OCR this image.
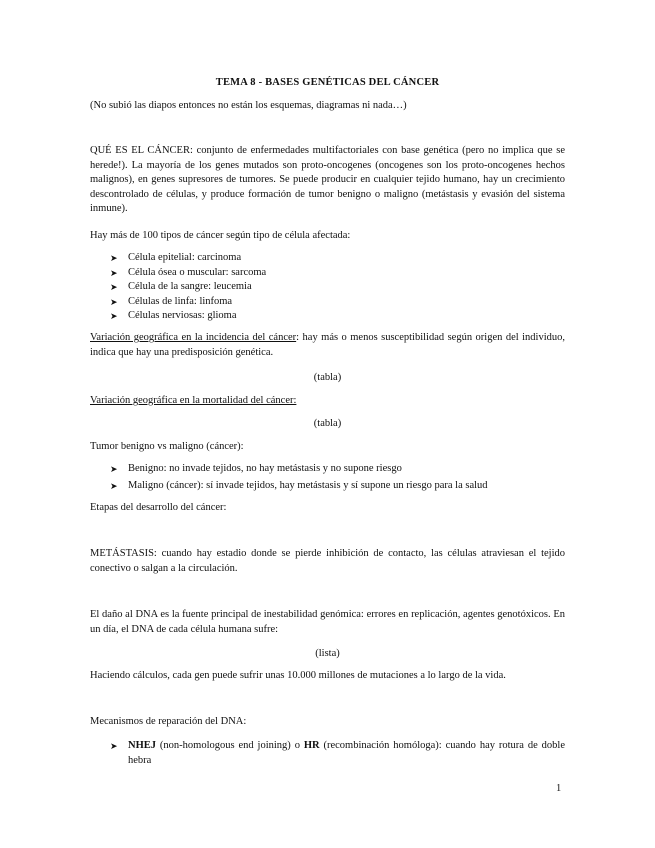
TEMA 8 - BASES GENÉTICAS DEL CÁNCER

(No subió las diapos entonces no están los esquemas, diagramas ni nada…)

QUÉ ES EL CÁNCER: conjunto de enfermedades multifactoriales con base genética (pero no implica que se herede!). La mayoría de los genes mutados son proto-oncogenes (oncogenes son los proto-oncogenes hechos malignos), en genes supresores de tumores. Se puede producir en cualquier tejido humano, hay un crecimiento descontrolado de células, y produce formación de tumor benigno o maligno (metástasis y evasión del sistema inmune).

Hay más de 100 tipos de cáncer según tipo de célula afectada:

➤ Célula epitelial: carcinoma
➤ Célula ósea o muscular: sarcoma
➤ Célula de la sangre: leucemia
➤ Células de linfa: linfoma
➤ Células nerviosas: glioma

Variación geográfica en la incidencia del cáncer: hay más o menos susceptibilidad según origen del individuo, indica que hay una predisposición genética.

(tabla)

Variación geográfica en la mortalidad del cáncer:

(tabla)

Tumor benigno vs maligno (cáncer):

➤ Benigno: no invade tejidos, no hay metástasis y no supone riesgo
➤ Maligno (cáncer): sí invade tejidos, hay metástasis y sí supone un riesgo para la salud

Etapas del desarrollo del cáncer:

METÁSTASIS: cuando hay estadio donde se pierde inhibición de contacto, las células atraviesan el tejido conectivo o salgan a la circulación.

El daño al DNA es la fuente principal de inestabilidad genómica: errores en replicación, agentes genotóxicos. En un día, el DNA de cada célula humana sufre:

(lista)

Haciendo cálculos, cada gen puede sufrir unas 10.000 millones de mutaciones a lo largo de la vida.

Mecanismos de reparación del DNA:

➤ NHEJ (non-homologous end joining) o HR (recombinación homóloga): cuando hay rotura de doble hebra
1
